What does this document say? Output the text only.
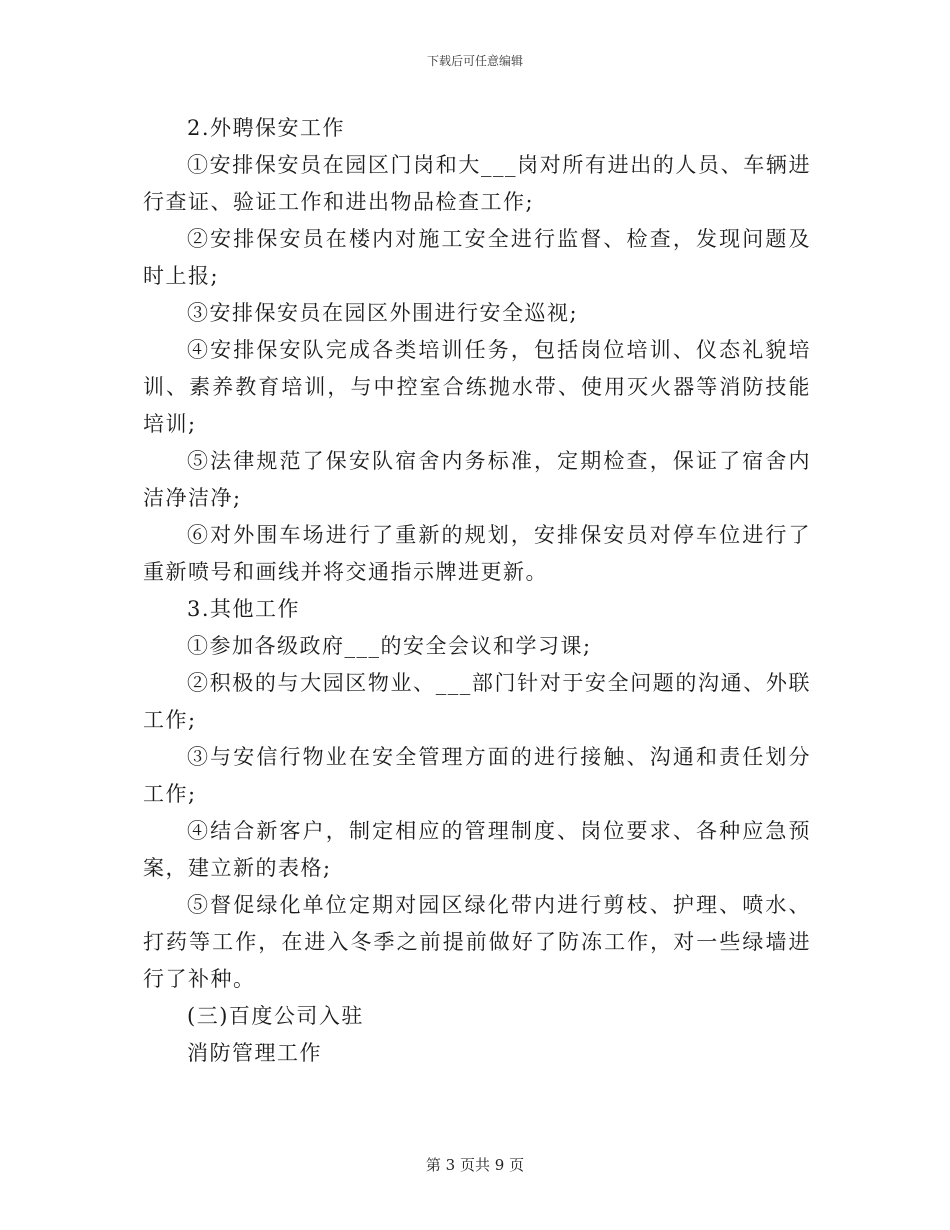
下载后可任意编辑

2.外聘保安工作

①安排保安员在园区门岗和大___岗对所有进出的人员、车辆进行查证、验证工作和进出物品检查工作;

②安排保安员在楼内对施工安全进行监督、检查，发现问题及时上报;

③安排保安员在园区外围进行安全巡视;

④安排保安队完成各类培训任务，包括岗位培训、仪态礼貌培训、素养教育培训，与中控室合练抛水带、使用灭火器等消防技能培训;

⑤法律规范了保安队宿舍内务标准，定期检查，保证了宿舍内洁净洁净;

⑥对外围车场进行了重新的规划，安排保安员对停车位进行了重新喷号和画线并将交通指示牌进更新。

3.其他工作

①参加各级政府___的安全会议和学习课;

②积极的与大园区物业、___部门针对于安全问题的沟通、外联工作;

③与安信行物业在安全管理方面的进行接触、沟通和责任划分工作;

④结合新客户，制定相应的管理制度、岗位要求、各种应急预案，建立新的表格;

⑤督促绿化单位定期对园区绿化带内进行剪枝、护理、喷水、打药等工作，在进入冬季之前提前做好了防冻工作，对一些绿墙进行了补种。

(三)百度公司入驻

消防管理工作

第 3 页共 9 页
